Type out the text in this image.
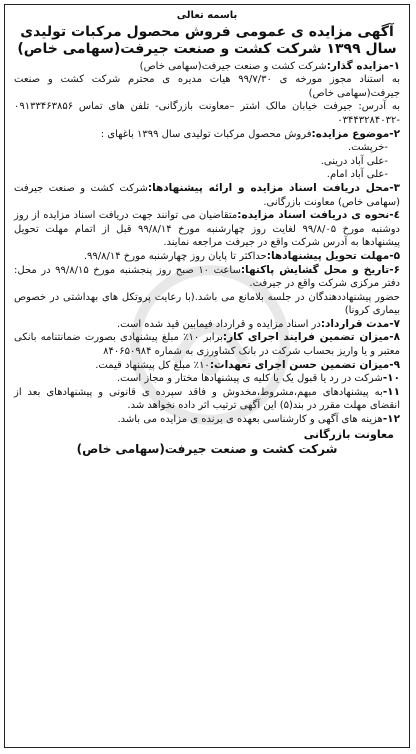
باسمه تعالی
آگهی مزایده ی عمومی فروش محصول مرکبات تولیدی سال ۱۳۹۹ شرکت کشت و صنعت جیرفت(سهامی خاص)

۱-مزایده گذار:شرکت کشت و صنعت جیرفت(سهامی خاص)

به استناد مجوز مورخه ی ۹۹/۷/۳۰ هیات مدیره ی محترم شرکت کشت و صنعت جیرفت(سهامی خاص)

به آدرس: جیرفت خیابان مالک اشتر –معاونت بازرگانی- تلفن های تماس ۰۹۱۳۳۴۶۳۸۵۶ -۰۳۴۴۳۲۸۴۰۳۲

۲-موضوع مزایده:فروش محصول مرکبات تولیدی سال ۱۳۹۹ باغهای :

-خرپشت.

-علی آباد درینی.

-علی آباد امام.

۳-محل دریافت اسناد مزایده و ارائه پیشنهادها:شرکت کشت و صنعت جیرفت (سهامی خاص) معاونت بازرگانی.

٤-نحوه ی دریافت اسناد مزایده:متقاضیان می توانند جهت دریافت اسناد مزایده از روز دوشنبه مورخ ۹۹/۸/۰۵ لغایت روز چهارشنبه مورخ ۹۹/۸/۱۴ قبل از اتمام مهلت تحویل پیشنهادها به آدرس شرکت واقع در جیرفت مراجعه نمایند.

۵-مهلت تحویل پیشنهادها:حداکثر تا پایان روز چهارشنبه مورخ ۹۹/۸/۱۴.

۶-تاریخ و محل گشایش پاکتها:ساعت ۱۰ صبح روز پنجشنبه مورخ ۹۹/۸/۱۵ در محل: دفتر مرکزی شرکت واقع در جیرفت.

حضور پیشنهاددهندگان در جلسه بلامانع می باشد.(با رعایت پروتکل های بهداشتی در خصوص بیماری کرونا)

۷-مدت قرارداد:در اسناد مزایده و قرارداد فیمابین قید شده است.

۸-میزان تضمین فرایند اجرای کار:برابر ۱۰٪ مبلغ پیشنهادی بصورت ضمانتنامه بانکی معتبر و یا واریز بحساب شرکت در بانک کشاورزی به شماره ۸۴۰۶۵۰۹۸۴

۹-میزان تضمین حسن اجرای تعهدات:۱۰٪ مبلغ کل پیشنهاد قیمت.

۱۰-شرکت در رد یا قبول یک یا کلیه ی پیشنهادها مختار و مجاز است.

۱۱-به پیشنهادهای مبهم،مشروط،مخدوش و فاقد سپرده ی قانونی و پیشنهادهای بعد از انقضای مهلت مقرر در بند(۵) این آگهی ترتیب اثر داده نخواهد شد.

۱۲-هزینه های آگهی و کارشناسی بعهده ی برنده ی مزایده می باشد.

معاونت بازرگانی
شرکت کشت و صنعت جیرفت(سهامی خاص)
